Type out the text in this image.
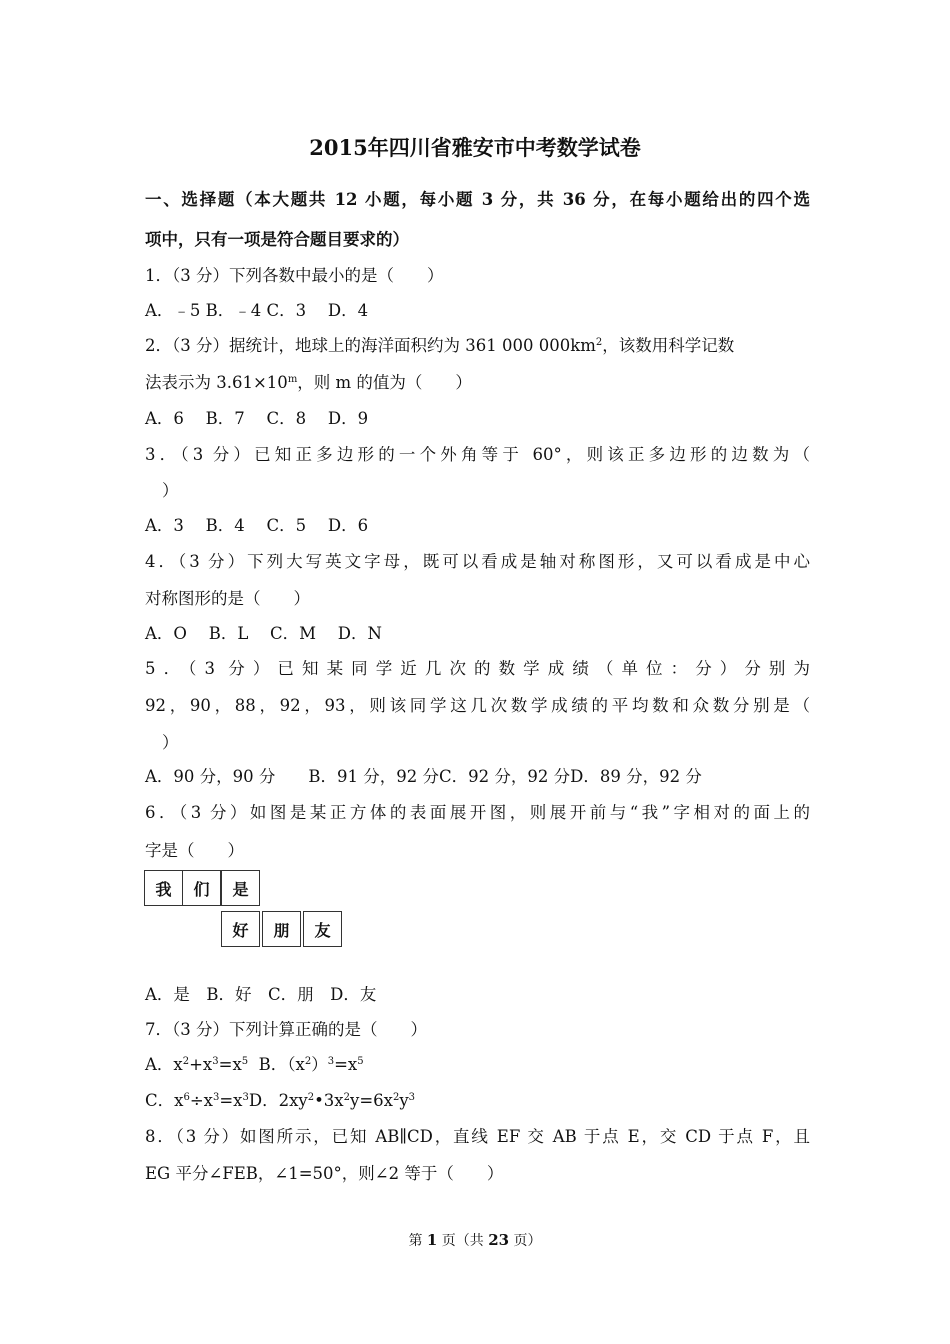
2015年四川省雅安市中考数学试卷
一、选择题（本大题共 12 小题，每小题 3 分，共 36 分，在每小题给出的四个选
项中，只有一项是符合题目要求的）
1．（3 分）下列各数中最小的是（　　）
A．﹣5 B．﹣4 C．3　 D．4
2．（3 分）据统计，地球上的海洋面积约为 361 000 $000km^2$，该数用科学记数
法表示为 $3.61\times 10^m$，则 m 的值为（　　）
A．6　 B．7　 C．8　 D．9
3．（3 分）已知正多边形的一个外角等于 60°，则该正多边形的边数为（
）
A．3　 B．4　 C．5　 D．6
4．（3 分）下列大写英文字母，既可以看成是轴对称图形，又可以看成是中心
对称图形的是（　　）
A．O　 B．L　 C．M　 D．N
5．（3 分）已知某同学近几次的数学成绩（单位：分）分别为
92，90，88，92，93，则该同学这几次数学成绩的平均数和众数分别是（
）
A．90 分，90 分　　B．91 分，92 分C．92 分，92 分D．89 分，92 分
6．（3 分）如图是某正方体的表面展开图，则展开前与“我”字相对的面上的
字是（　　）
我	们	是
好	朋	友
A．是　B．好　C．朋　D．友
7．（3 分）下列计算正确的是（　　）
A．$x^2+x^3=x^5$ B．$(x^2)^3=x^5$
C．$x^6\div x^3=x^3D$．$2xy^2•3x^2y=6x^2y^3$
8．（3 分）如图所示，已知 AB∥CD，直线 EF 交 AB 于点 E，交 CD 于点 F，且
EG 平分∠FEB，∠1=50°，则∠2 等于（　　）
第 1 页（共 23 页）
